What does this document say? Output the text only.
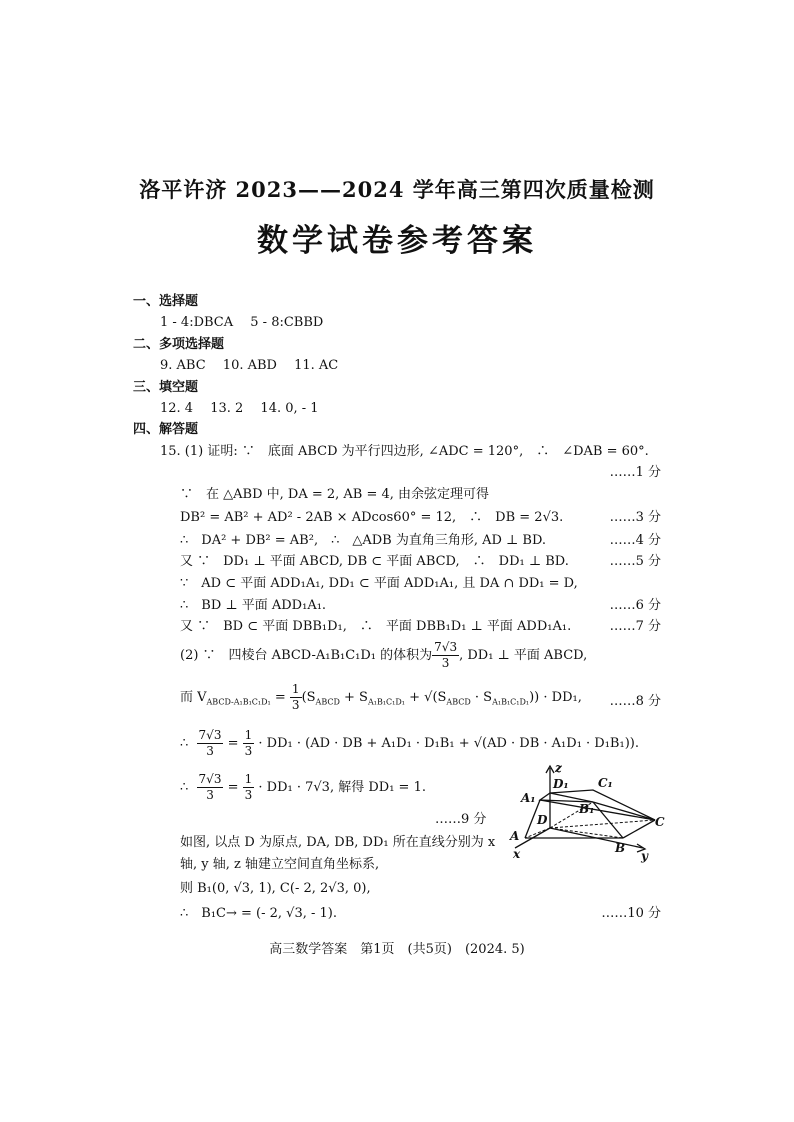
洛平许济 2023——2024 学年高三第四次质量检测
数学试卷参考答案
一、选择题
1 - 4:DBCA　 5 - 8:CBBD
二、多项选择题
9. ABC　 10. ABD　 11. AC
三、填空题
12. 4　 13. 2　 14. 0, - 1
四、解答题
15. (1) 证明: ∵　底面 ABCD 为平行四边形, ∠ADC = 120°,　∴　∠DAB = 60°.
……1 分
∵　在 △ABD 中, DA = 2, AB = 4, 由余弦定理可得
DB² = AB² + AD² - 2AB × ADcos60° = 12,　∴　DB = 2√3.	……3 分
∴　DA² + DB² = AB²,　∴　△ADB 为直角三角形, AD ⊥ BD.	……4 分
又 ∵　DD₁ ⊥ 平面 ABCD, DB ⊂ 平面 ABCD,　∴　DD₁ ⊥ BD.	……5 分
∵　AD ⊂ 平面 ADD₁A₁, DD₁ ⊂ 平面 ADD₁A₁, 且 DA ∩ DD₁ = D,
∴　BD ⊥ 平面 ADD₁A₁.	……6 分
又 ∵　BD ⊂ 平面 DBB₁D₁,　∴　平面 DBB₁D₁ ⊥ 平面 ADD₁A₁.	……7 分
(2) ∵　四棱台 ABCD-A₁B₁C₁D₁ 的体积为 $\frac{7√3}{3}$ , DD₁ ⊥ 平面 ABCD,
而 $V_{ABCD-A_1B_1C_1D_1} = \frac{1}{3} (S_{ABCD} + S_{A_1B_1C_1D_1} + √(S_{ABCD} \cdot S_{A_1B_1C_1D_1})) \cdot DD_1$, ……8 分
∴ $\frac{7√3}{3} = \frac{1}{3} \cdot DD_1 \cdot (AD$ · DB + A₁D₁ · D₁B₁ + √(AD · DB · A₁D₁ · D₁B₁)).
∴ $\frac{7√3}{3} = \frac{1}{3} \cdot DD_1 \cdot 7√3$, 解得 DD₁ = 1.
……9 分
如图, 以点 D 为原点, DA, DB, DD₁ 所在直线分别为 x
轴, y 轴, z 轴建立空间直角坐标系,
则 B₁(0, √3, 1), C(- 2, 2√3, 0),
∴　B₁C→ = (- 2, √3, - 1).	……10 分
z
D₁ C₁
A₁
B₁
D	C
A
B
x	y
高三数学答案　第1页　(共5页)　(2024. 5)
